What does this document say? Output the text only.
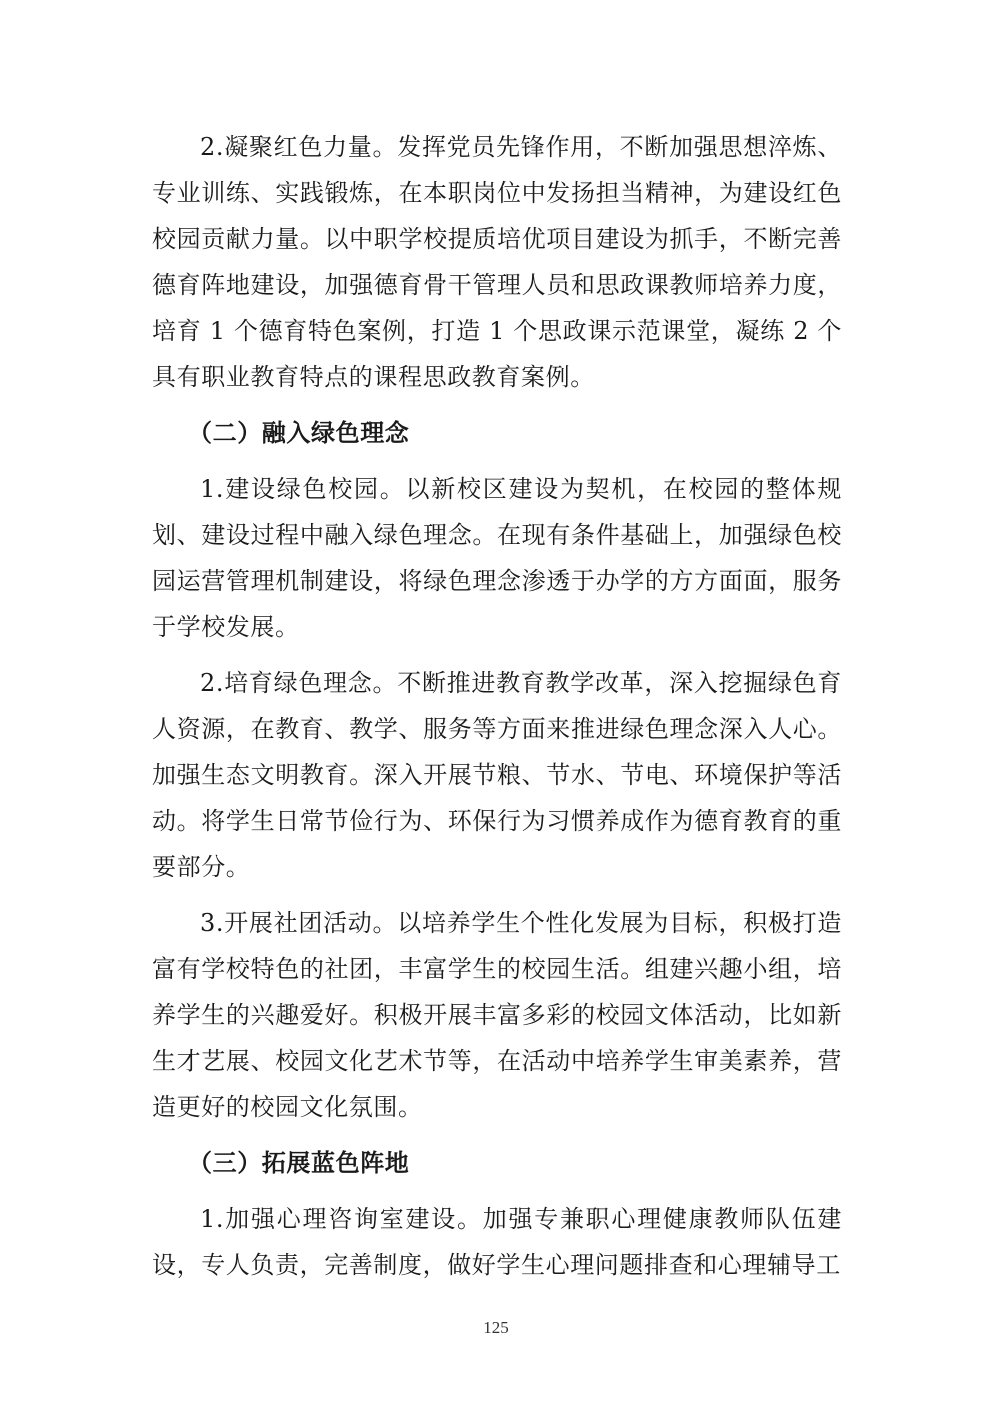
2.凝聚红色力量。发挥党员先锋作用，不断加强思想淬炼、专业训练、实践锻炼，在本职岗位中发扬担当精神，为建设红色校园贡献力量。以中职学校提质培优项目建设为抓手，不断完善德育阵地建设，加强德育骨干管理人员和思政课教师培养力度，培育 1 个德育特色案例，打造 1 个思政课示范课堂，凝练 2 个具有职业教育特点的课程思政教育案例。

（二）融入绿色理念

1.建设绿色校园。以新校区建设为契机，在校园的整体规划、建设过程中融入绿色理念。在现有条件基础上，加强绿色校园运营管理机制建设，将绿色理念渗透于办学的方方面面，服务于学校发展。

2.培育绿色理念。不断推进教育教学改革，深入挖掘绿色育人资源，在教育、教学、服务等方面来推进绿色理念深入人心。加强生态文明教育。深入开展节粮、节水、节电、环境保护等活动。将学生日常节俭行为、环保行为习惯养成作为德育教育的重要部分。

3.开展社团活动。以培养学生个性化发展为目标，积极打造富有学校特色的社团，丰富学生的校园生活。组建兴趣小组，培养学生的兴趣爱好。积极开展丰富多彩的校园文体活动，比如新生才艺展、校园文化艺术节等，在活动中培养学生审美素养，营造更好的校园文化氛围。

（三）拓展蓝色阵地

1.加强心理咨询室建设。加强专兼职心理健康教师队伍建设，专人负责，完善制度，做好学生心理问题排查和心理辅导工

125
